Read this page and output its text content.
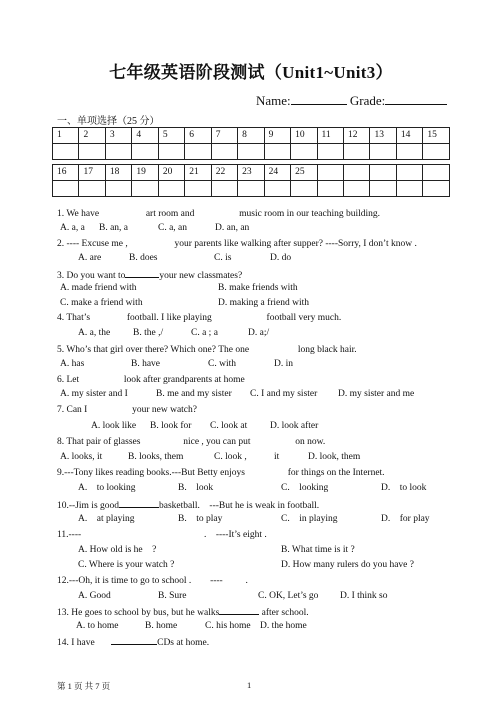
七年级英语阶段测试（Unit1~Unit3）
Name:	Grade:
一、单项选择（25 分）
1	2	3	4	5	6	7	8	9	10	11	12	13	14	15

16	17	18	19	20	21	22	23	24	25					

1. We have	art room and	music room in our teaching building.
A. a, a B. an, a	C. a, an	D. an, an
2. ---- Excuse me ,	your parents like walking after supper? ----Sorry, I don’t know .
A. are	B. does	C. is	D. do
3. Do you want to	your new classmates?
A. made friend with	B. make friends with
C. make a friend with	D. making a friend with
4. That’s	football. I like playing	football very much.
A. a, the B. the ,/	C. a ; a	D. a;/
5. Who’s that girl over there? Which one? The one	long black hair.
A. has	B. have	C. with	D. in
6. Let	look after grandparents at home
A. my sister and I	B. me and my sister C. I and my sister D. my sister and me
7. Can I	your new watch?
A. look like B. look for C. look at D. look after
8. That pair of glasses	nice , you can put	on now.
A. looks, it	B. looks, them	C. look ,	it	D. look, them
9.---Tony likes reading books.---But Betty enjoys	for things on the Internet.
A.　to looking	B.　look	C.　looking	D.　to look
10.--Jim is good	basketball.　---But he is weak in football.
A.　at playing	B.　to play	C.　in playing	D.　for play
11.----	.　----It’s eight .
A. How old is he　?	B. What time is it ?
C. Where is your watch ?	D. How many rulers do you have ?
12.---Oh, it is time to go to school . ---- .
A. Good	B. Sure	C. OK, Let’s go D. I think so
13. He goes to school by bus, but he walks	after school.
A. to home	B. home	C. his home D. the home
14. I have	CDs at home.
第 1 页 共 7 页	1
